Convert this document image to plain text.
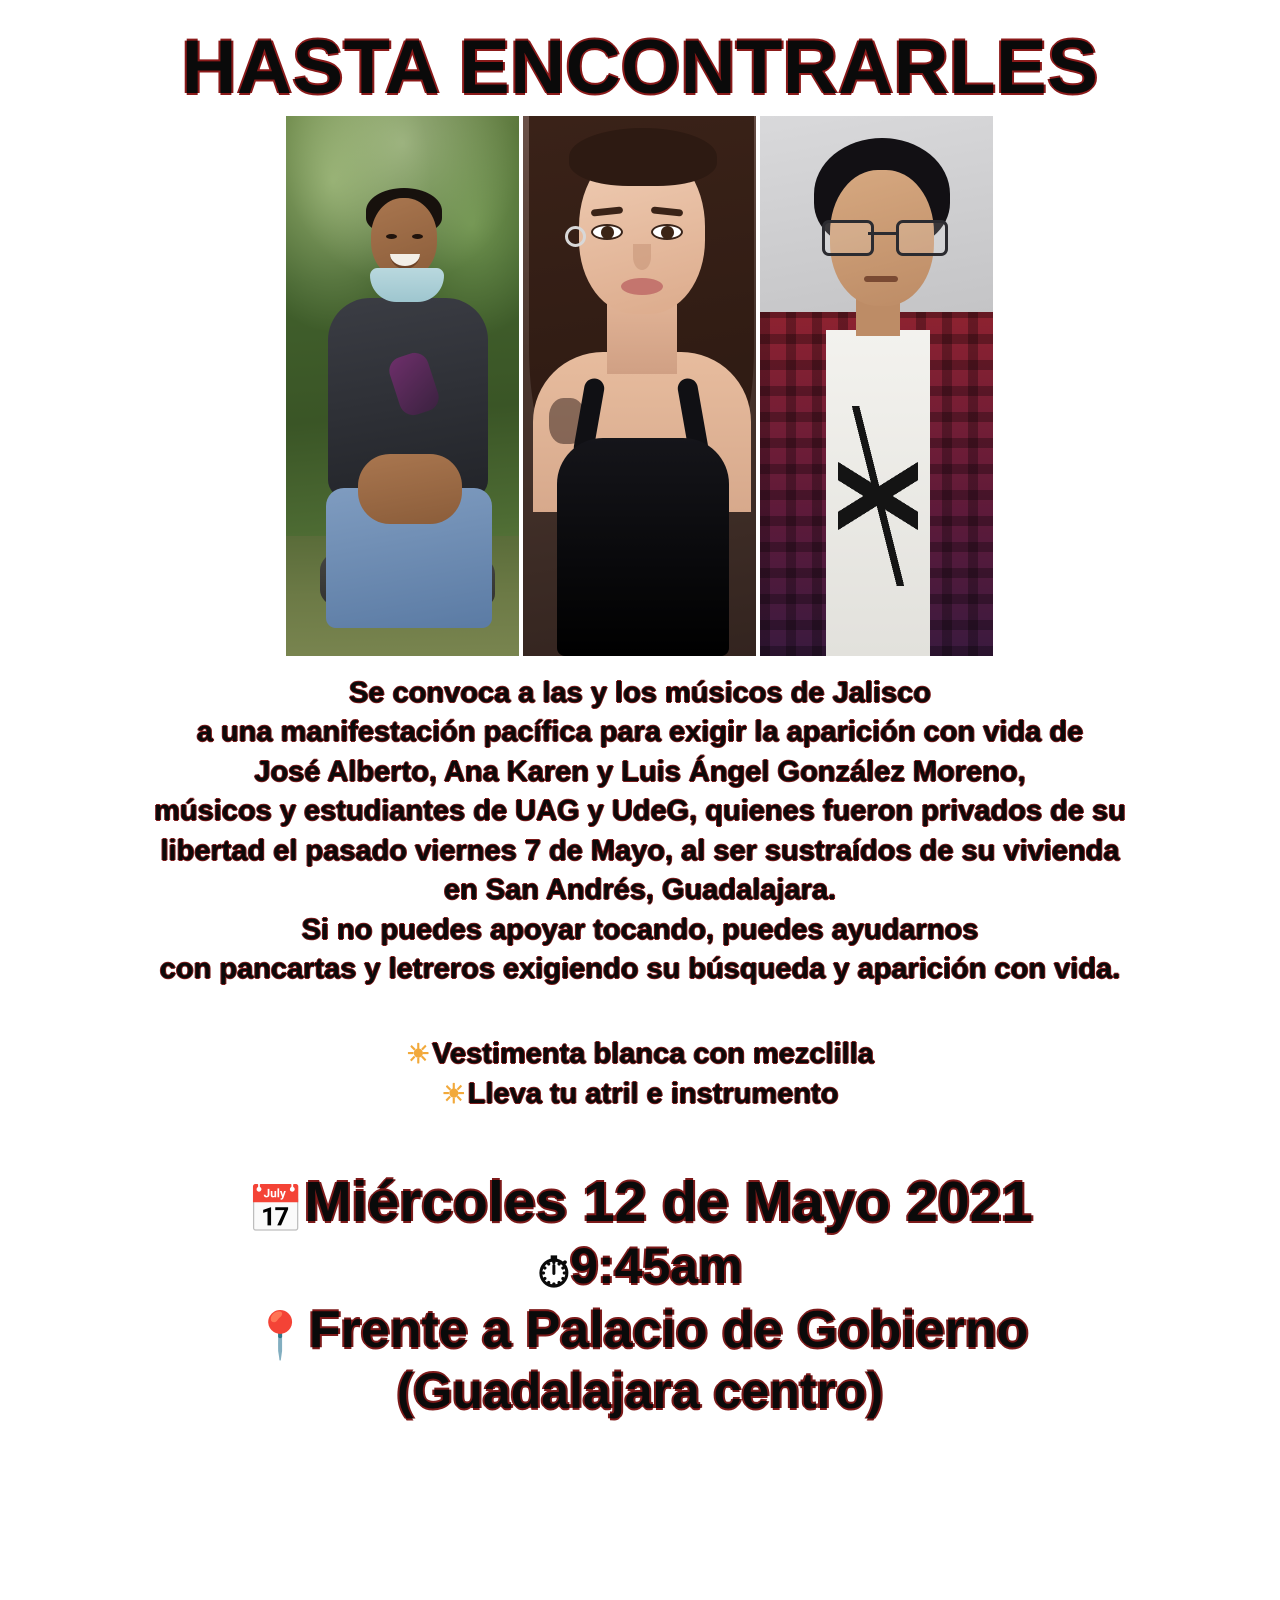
HASTA ENCONTRARLES
Se convoca a las y los músicos de Jalisco
a una manifestación pacífica para exigir la aparición con vida de
José Alberto, Ana Karen y Luis Ángel González Moreno,
músicos y estudiantes de UAG y UdeG, quienes fueron privados de su
libertad el pasado viernes 7 de Mayo, al ser sustraídos de su vivienda
en San Andrés, Guadalajara.
Si no puedes apoyar tocando, puedes ayudarnos
con pancartas y letreros exigiendo su búsqueda y aparición con vida.
☀Vestimenta blanca con mezclilla
☀Lleva tu atril e instrumento
📅Miércoles 12 de Mayo 2021
⏱9:45am
📍Frente a Palacio de Gobierno
(Guadalajara centro)
